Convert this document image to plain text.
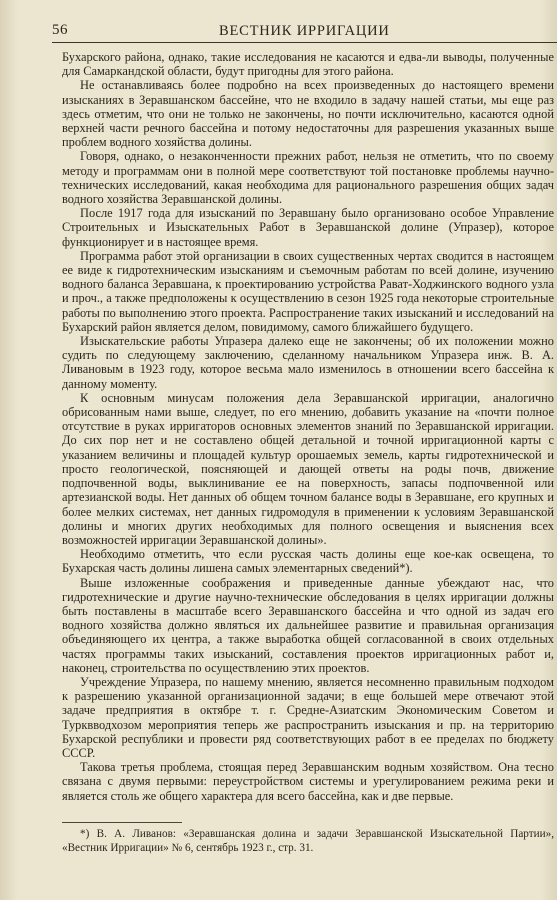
56	ВЕСТНИК ИРРИГАЦИИ

Бухарского района, однако, такие исследования не касаются и едва-ли выводы, полученные для Самаркандской области, будут пригодны для этого района.

Не останавливаясь более подробно на всех произведенных до настоящего времени изысканиях в Зеравшанском бассейне, что не входило в задачу нашей статьи, мы еще раз здесь отметим, что они не только не закончены, но почти исключительно, касаются одной верхней части речного бассейна и потому недостаточны для разрешения указанных выше проблем водного хозяйства долины.

Говоря, однако, о незаконченности прежних работ, нельзя не отметить, что по своему методу и программам они в полной мере соответствуют той постановке проблемы научно-технических исследований, какая необходима для рационального разрешения общих задач водного хозяйства Зеравшанской долины.

После 1917 года для изысканий по Зеравшану было организовано особое Управление Строительных и Изыскательных Работ в Зеравшанской долине (Упразер), которое функционирует и в настоящее время.

Программа работ этой организации в своих существенных чертах сводится в настоящем ее виде к гидротехническим изысканиям и съемочным работам по всей долине, изучению водного баланса Зеравшана, к проектированию устройства Рават-Ходжинского водного узла и проч., а также предположены к осуществлению в сезон 1925 года некоторые строительные работы по выполнению этого проекта. Распространение таких изысканий и исследований на Бухарский район является делом, повидимому, самого ближайшего будущего.

Изыскательские работы Упразера далеко еще не закончены; об их положении можно судить по следующему заключению, сделанному начальником Упразера инж. В. А. Ливановым в 1923 году, которое весьма мало изменилось в отношении всего бассейна к данному моменту.

К основным минусам положения дела Зеравшанской ирригации, аналогично обрисованным нами выше, следует, по его мнению, добавить указание на «почти полное отсутствие в руках ирригаторов основных элементов знаний по Зеравшанской ирригации. До сих пор нет и не составлено общей детальной и точной ирригационной карты с указанием величины и площадей культур орошаемых земель, карты гидротехнической и просто геологической, поясняющей и дающей ответы на роды почв, движение подпочвенной воды, выклинивание ее на поверхность, запасы подпочвенной или артезианской воды. Нет данных об общем точном балансе воды в Зеравшане, его крупных и более мелких системах, нет данных гидромодуля в применении к условиям Зеравшанской долины и многих других необходимых для полного освещения и выяснения всех возможностей ирригации Зеравшанской долины».

Необходимо отметить, что если русская часть долины еще кое-как освещена, то Бухарская часть долины лишена самых элементарных сведений*).

Выше изложенные соображения и приведенные данные убеждают нас, что гидротехнические и другие научно-технические обследования в целях ирригации должны быть поставлены в масштабе всего Зеравшанского бассейна и что одной из задач его водного хозяйства должно являться их дальнейшее развитие и правильная организация объединяющего их центра, а также выработка общей согласованной в своих отдельных частях программы таких изысканий, составления проектов ирригационных работ и, наконец, строительства по осуществлению этих проектов.

Учреждение Упразера, по нашему мнению, является несомненно правильным подходом к разрешению указанной организационной задачи; в еще большей мере отвечают этой задаче предприятия в октябре т. г. Средне-Азиатским Экономическим Советом и Турквводхозом мероприятия теперь же распространить изыскания и пр. на территорию Бухарской республики и провести ряд соответствующих работ в ее пределах по бюджету СССР.

Такова третья проблема, стоящая перед Зеравшанским водным хозяйством. Она тесно связана с двумя первыми: переустройством системы и урегулированием режима реки и является столь же общего характера для всего бассейна, как и две первые.

*) В. А. Ливанов: «Зеравшанская долина и задачи Зеравшанской Изыскательной Партии», «Вестник Ирригации» № 6, сентябрь 1923 г., стр. 31.
